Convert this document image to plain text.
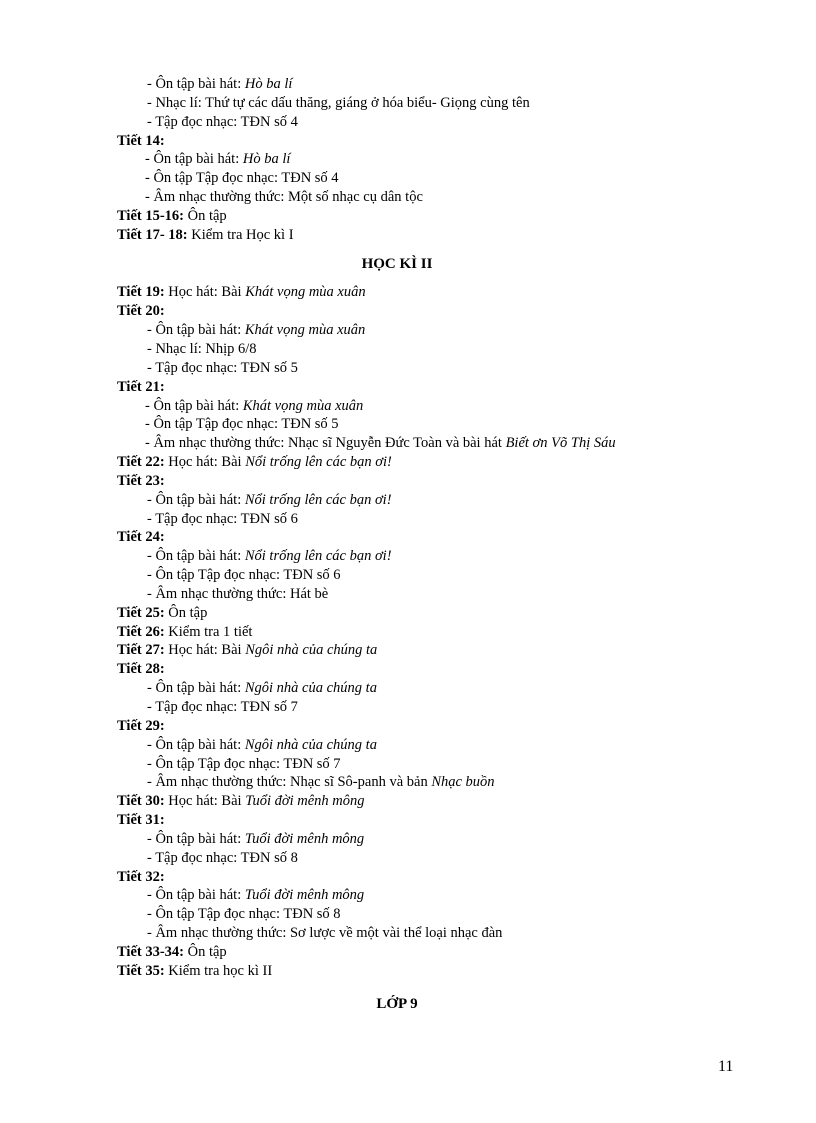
- Ôn tập bài hát: Hò ba lí
- Nhạc lí: Thứ tự các dấu thăng, giáng ở hóa biểu- Giọng cùng tên
- Tập đọc nhạc: TĐN số 4
Tiết 14:
- Ôn tập bài hát: Hò ba lí
- Ôn tập Tập đọc nhạc: TĐN số 4
- Âm nhạc thường thức: Một số nhạc cụ dân tộc
Tiết 15-16: Ôn tập
Tiết 17- 18: Kiểm tra Học kì I
HỌC KÌ II
Tiết 19: Học hát: Bài Khát vọng mùa xuân
Tiết 20:
- Ôn tập bài hát: Khát vọng mùa xuân
- Nhạc lí: Nhịp 6/8
- Tập đọc nhạc: TĐN số 5
Tiết 21:
- Ôn tập bài hát: Khát vọng mùa xuân
- Ôn tập Tập đọc nhạc: TĐN số 5
- Âm nhạc thường thức: Nhạc sĩ Nguyễn Đức Toàn và bài hát Biết ơn Võ Thị Sáu
Tiết 22: Học hát: Bài Nổi trống lên các bạn ơi!
Tiết 23:
- Ôn tập bài hát: Nổi trống lên các bạn ơi!
- Tập đọc nhạc: TĐN số 6
Tiết 24:
- Ôn tập bài hát: Nổi trống lên các bạn ơi!
- Ôn tập Tập đọc nhạc: TĐN số 6
- Âm nhạc thường thức: Hát bè
Tiết 25: Ôn tập
Tiết 26: Kiểm tra 1 tiết
Tiết 27: Học hát: Bài Ngôi nhà của chúng ta
Tiết 28:
- Ôn tập bài hát: Ngôi nhà của chúng ta
- Tập đọc nhạc: TĐN số 7
Tiết 29:
- Ôn tập bài hát: Ngôi nhà của chúng ta
- Ôn tập Tập đọc nhạc: TĐN số 7
- Âm nhạc thường thức: Nhạc sĩ Sô-panh và bản Nhạc buồn
Tiết 30: Học hát: Bài Tuổi đời mênh mông
Tiết 31:
- Ôn tập bài hát: Tuổi đời mênh mông
- Tập đọc nhạc: TĐN số 8
Tiết 32:
- Ôn tập bài hát: Tuổi đời mênh mông
- Ôn tập Tập đọc nhạc: TĐN số 8
- Âm nhạc thường thức: Sơ lược về một vài thể loại nhạc đàn
Tiết 33-34: Ôn tập
Tiết 35: Kiểm tra học kì II
LỚP 9
11
